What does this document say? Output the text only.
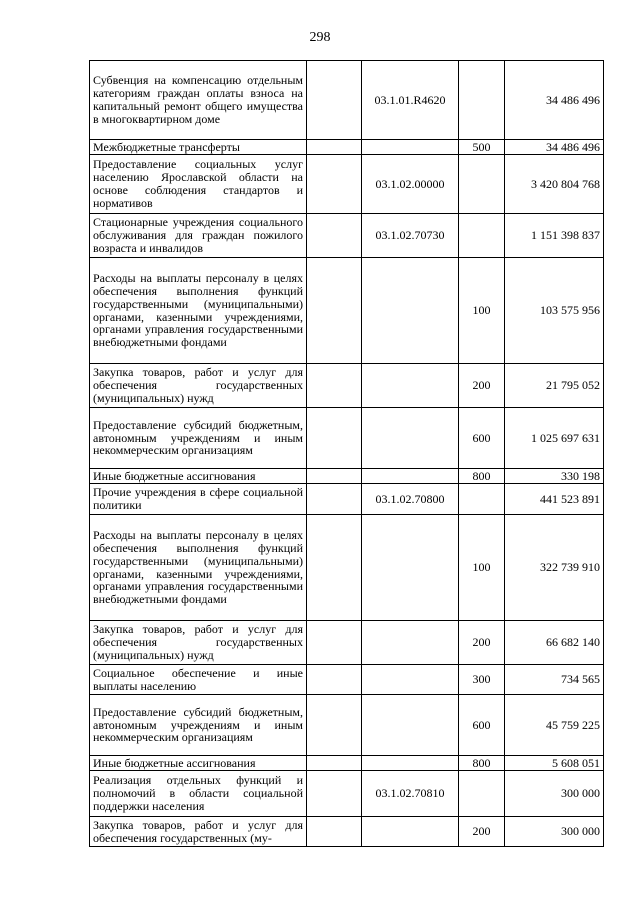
298
Субвенция на компенсацию отдельным категориям граждан оплаты взноса на капитальный ремонт общего имущества в многоквартирном доме		03.1.01.R4620		34 486 496
Межбюджетные трансферты			500	34 486 496
Предоставление социальных услуг населению Ярославской области на основе соблюдения стандартов и нормативов		03.1.02.00000		3 420 804 768
Стационарные учреждения социального обслуживания для граждан пожилого возраста и инвалидов		03.1.02.70730		1 151 398 837
Расходы на выплаты персоналу в целях обеспечения выполнения функций государственными (муниципальными) органами, казенными учреждениями, органами управления государственными внебюджетными фондами			100	103 575 956
Закупка товаров, работ и услуг для обеспечения государственных (муниципальных) нужд			200	21 795 052
Предоставление субсидий бюджетным, автономным учреждениям и иным некоммерческим организациям			600	1 025 697 631
Иные бюджетные ассигнования			800	330 198
Прочие учреждения в сфере социальной политики		03.1.02.70800		441 523 891
Расходы на выплаты персоналу в целях обеспечения выполнения функций государственными (муниципальными) органами, казенными учреждениями, органами управления государственными внебюджетными фондами			100	322 739 910
Закупка товаров, работ и услуг для обеспечения государственных (муниципальных) нужд			200	66 682 140
Социальное обеспечение и иные выплаты населению			300	734 565
Предоставление субсидий бюджетным, автономным учреждениям и иным некоммерческим организациям			600	45 759 225
Иные бюджетные ассигнования			800	5 608 051
Реализация отдельных функций и полномочий в области социальной поддержки населения		03.1.02.70810		300 000
Закупка товаров, работ и услуг для обеспечения государственных (му-			200	300 000
